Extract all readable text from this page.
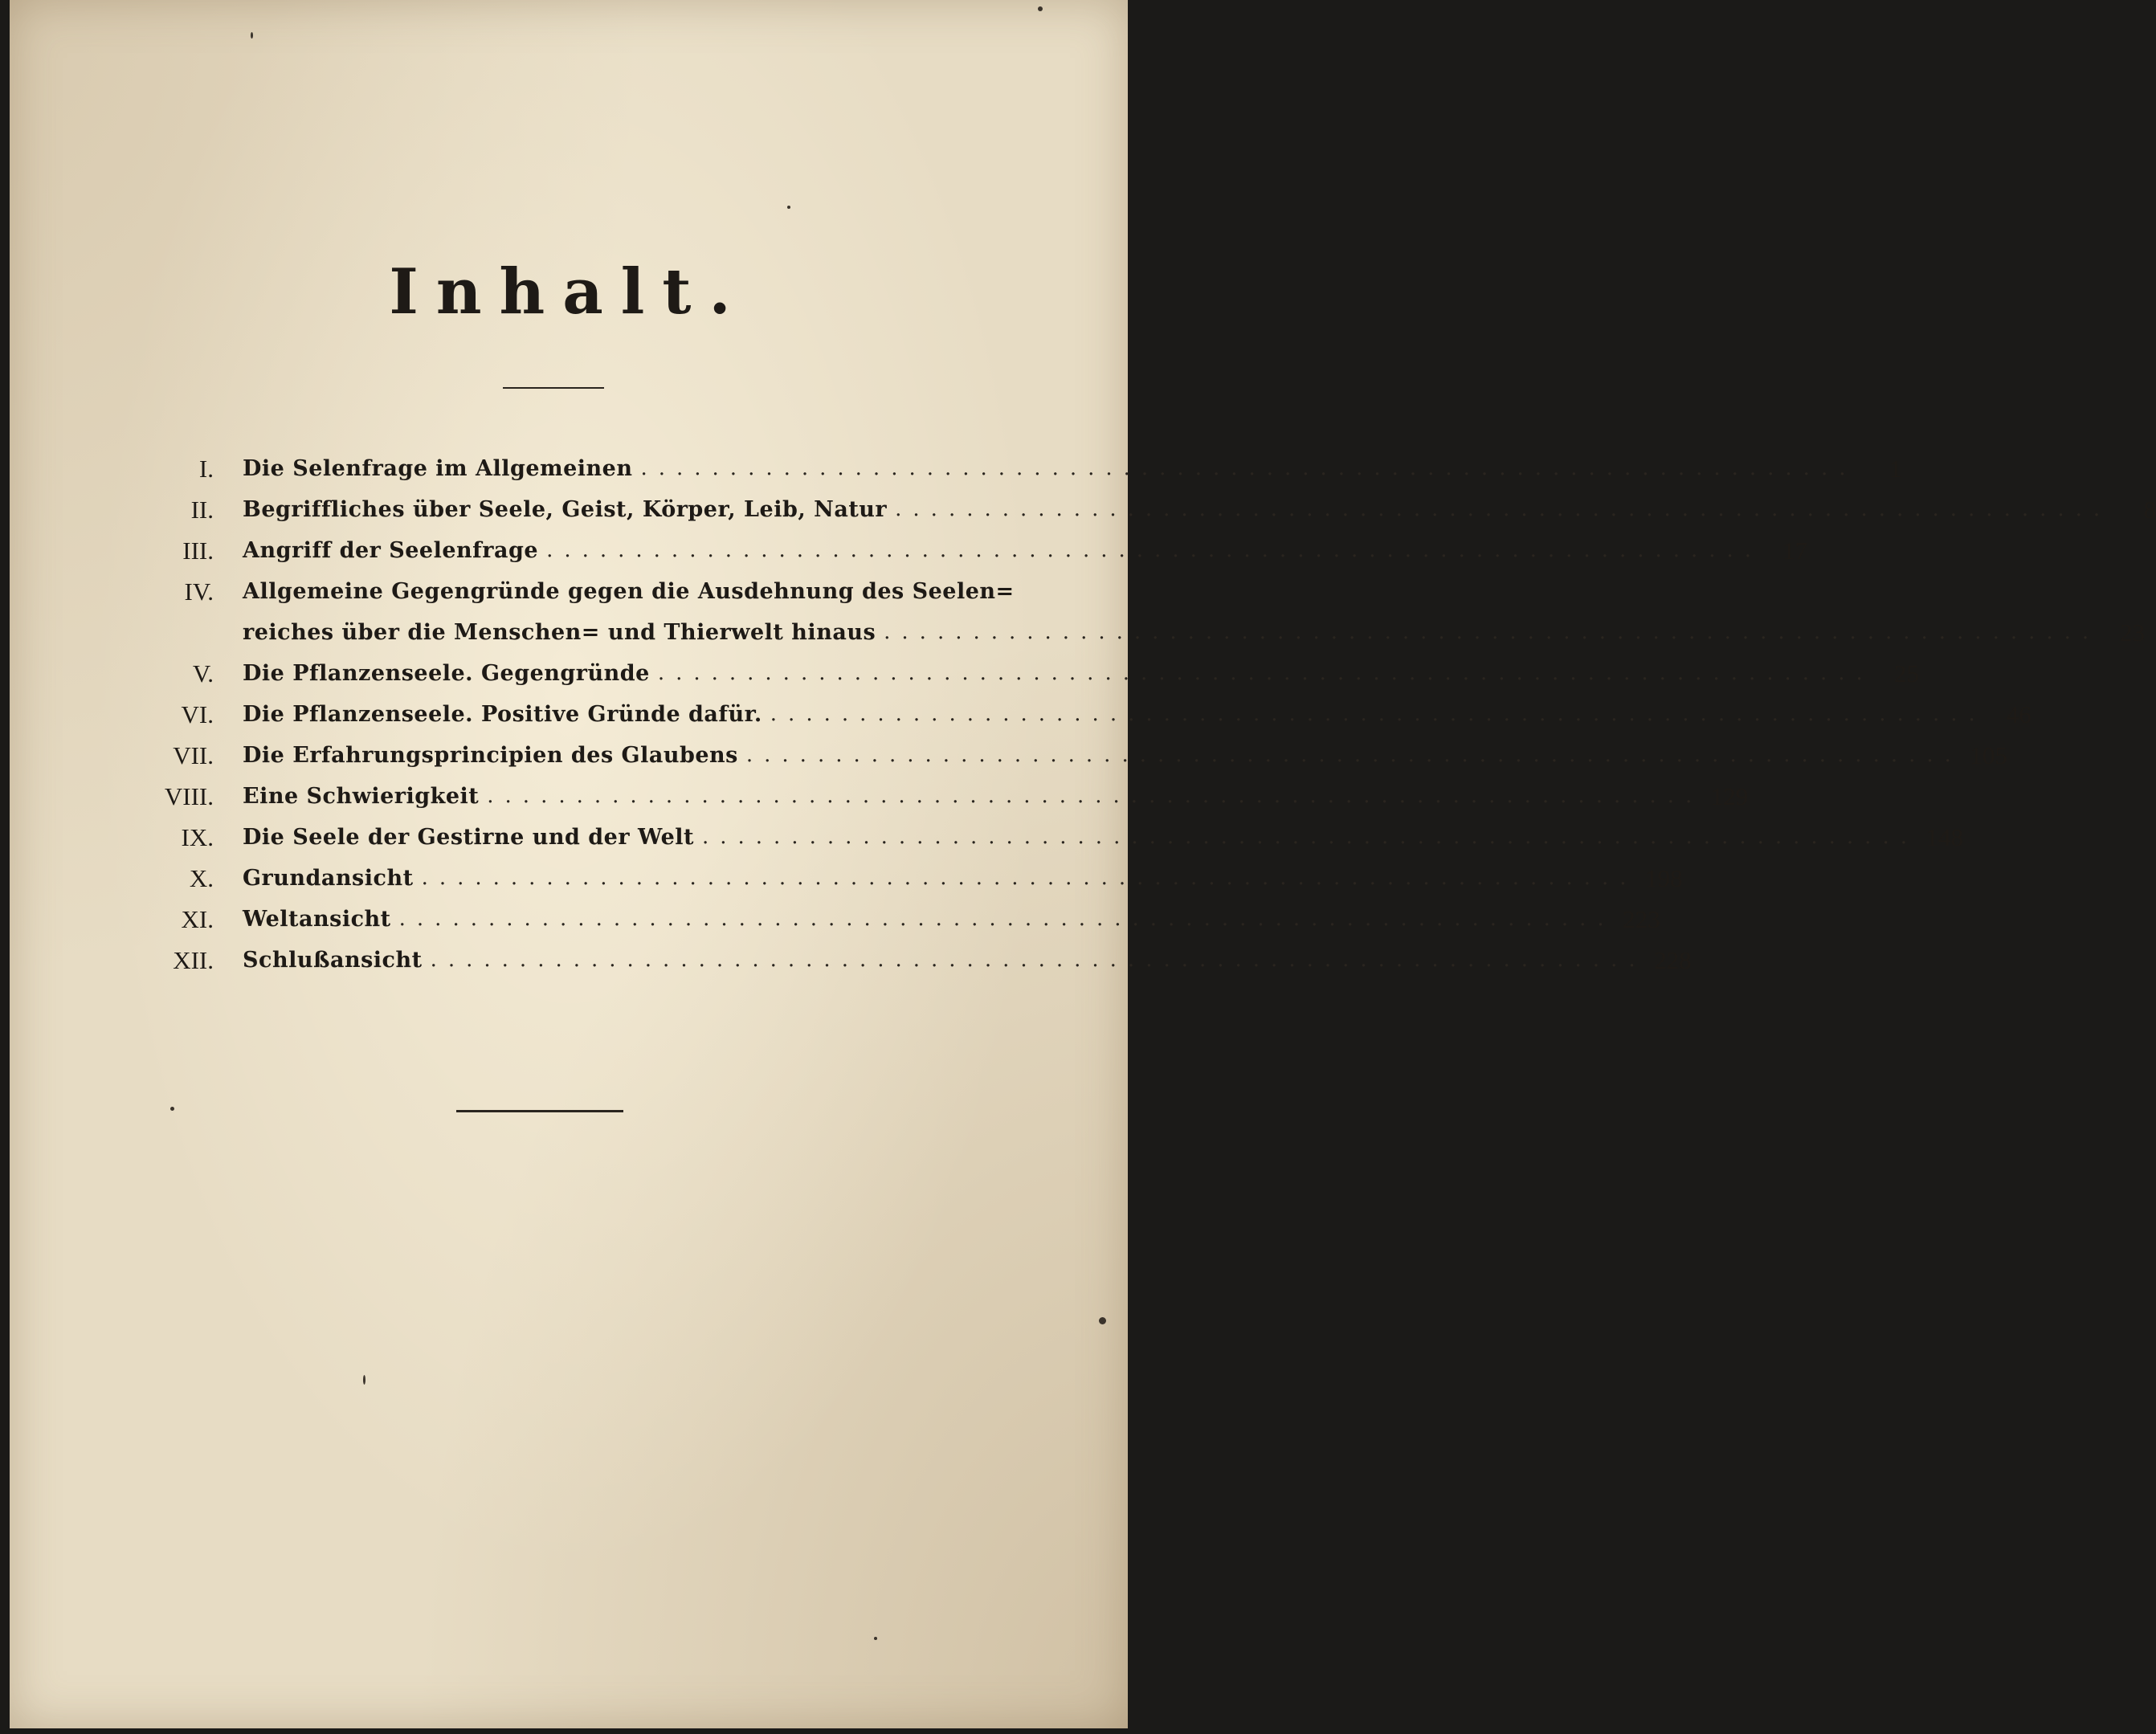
Inhalt.
I. Die Selenfrage im Allgemeinen ....................................................................	1
II. Begriffliches über Seele, Geist, Körper, Leib, Natur ....................................................................	8
III. Angriff der Seelenfrage .................................................................... 17
IV. Allgemeine Gegengründe gegen die Ausdehnung des Seelen=
reiches über die Menschen= und Thierwelt hinaus .................................................................... 23
V. Die Pflanzenseele. Gegengründe .................................................................... 25
VI. Die Pflanzenseele. Positive Gründe dafür. .................................................................... 46
VII. Die Erfahrungsprincipien des Glaubens .................................................................... 105
VIII. Eine Schwierigkeit .................................................................... 129
IX. Die Seele der Gestirne und der Welt .................................................................... 148
X. Grundansicht .................................................................... 198
XI. Weltansicht .................................................................... 223
XII. Schlußansicht .................................................................... 228
